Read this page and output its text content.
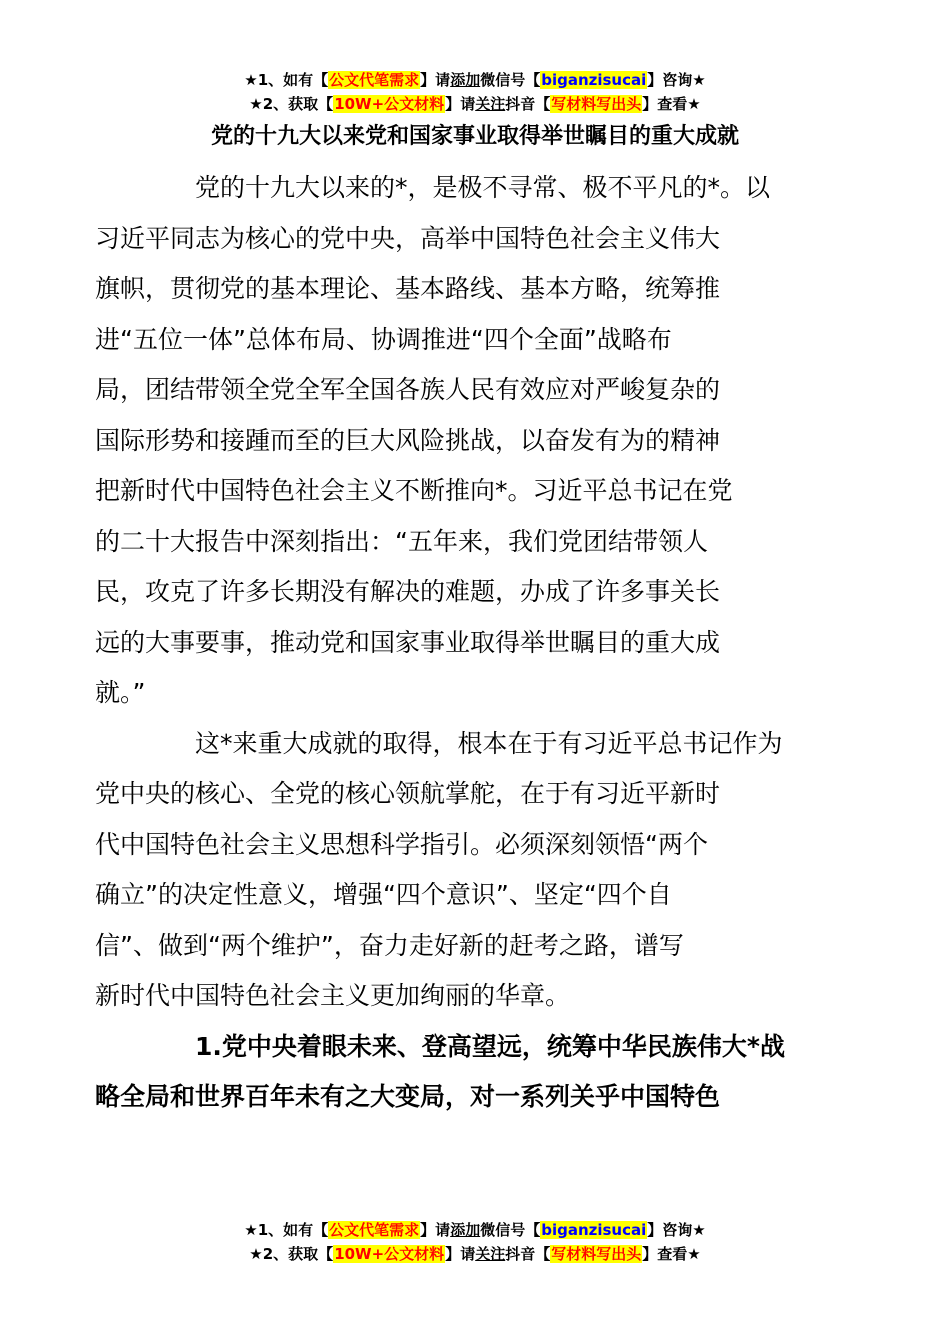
★1、如有【公文代笔需求】请添加微信号【biganzisucai】咨询★
★2、获取【10W+公文材料】请关注抖音【写材料写出头】查看★
党的十九大以来党和国家事业取得举世瞩目的重大成就

党的十九大以来的*，是极不寻常、极不平凡的*。以
习近平同志为核心的党中央，高举中国特色社会主义伟大
旗帜，贯彻党的基本理论、基本路线、基本方略，统筹推
进“五位一体”总体布局、协调推进“四个全面”战略布
局，团结带领全党全军全国各族人民有效应对严峻复杂的
国际形势和接踵而至的巨大风险挑战，以奋发有为的精神
把新时代中国特色社会主义不断推向*。习近平总书记在党
的二十大报告中深刻指出：“五年来，我们党团结带领人
民，攻克了许多长期没有解决的难题，办成了许多事关长
远的大事要事，推动党和国家事业取得举世瞩目的重大成
就。”

这*来重大成就的取得，根本在于有习近平总书记作为
党中央的核心、全党的核心领航掌舵，在于有习近平新时
代中国特色社会主义思想科学指引。必须深刻领悟“两个
确立”的决定性意义，增强“四个意识”、坚定“四个自
信”、做到“两个维护”，奋力走好新的赶考之路，谱写
新时代中国特色社会主义更加绚丽的华章。

1.党中央着眼未来、登高望远，统筹中华民族伟大*战
略全局和世界百年未有之大变局，对一系列关乎中国特色

★1、如有【公文代笔需求】请添加微信号【biganzisucai】咨询★
★2、获取【10W+公文材料】请关注抖音【写材料写出头】查看★
